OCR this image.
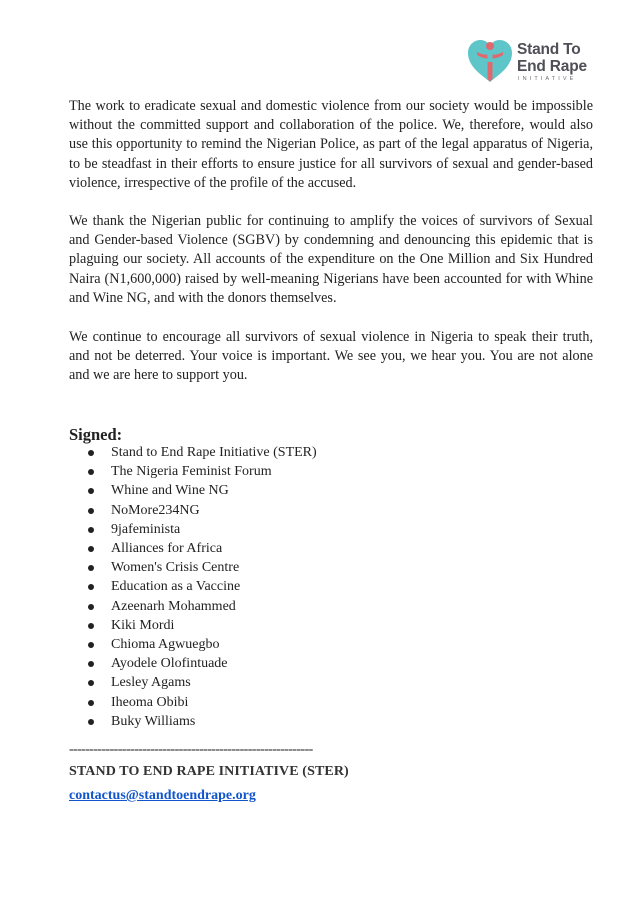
Stand To
End Rape
INITIATIVE

The work to eradicate sexual and domestic violence from our society would be impossible without the committed support and collaboration of the police. We, therefore, would also use this opportunity to remind the Nigerian Police, as part of the legal apparatus of Nigeria, to be steadfast in their efforts to ensure justice for all survivors of sexual and gender-based violence, irrespective of the profile of the accused.

We thank the Nigerian public for continuing to amplify the voices of survivors of Sexual and Gender-based Violence (SGBV) by condemning and denouncing this epidemic that is plaguing our society. All accounts of the expenditure on the One Million and Six Hundred Naira (N1,600,000) raised by well-meaning Nigerians have been accounted for with Whine and Wine NG, and with the donors themselves.

We continue to encourage all survivors of sexual violence in Nigeria to speak their truth, and not be deterred. Your voice is important. We see you, we hear you. You are not alone and we are here to support you.

Signed:
Stand to End Rape Initiative (STER)
The Nigeria Feminist Forum
Whine and Wine NG
NoMore234NG
9jafeminista
Alliances for Africa
Women's Crisis Centre
Education as a Vaccine
Azeenarh Mohammed
Kiki Mordi
Chioma Agwuegbo
Ayodele Olofintuade
Lesley Agams
Iheoma Obibi
Buky Williams
------------------------------------------------------------
STAND TO END RAPE INITIATIVE (STER)
contactus@standtoendrape.org
